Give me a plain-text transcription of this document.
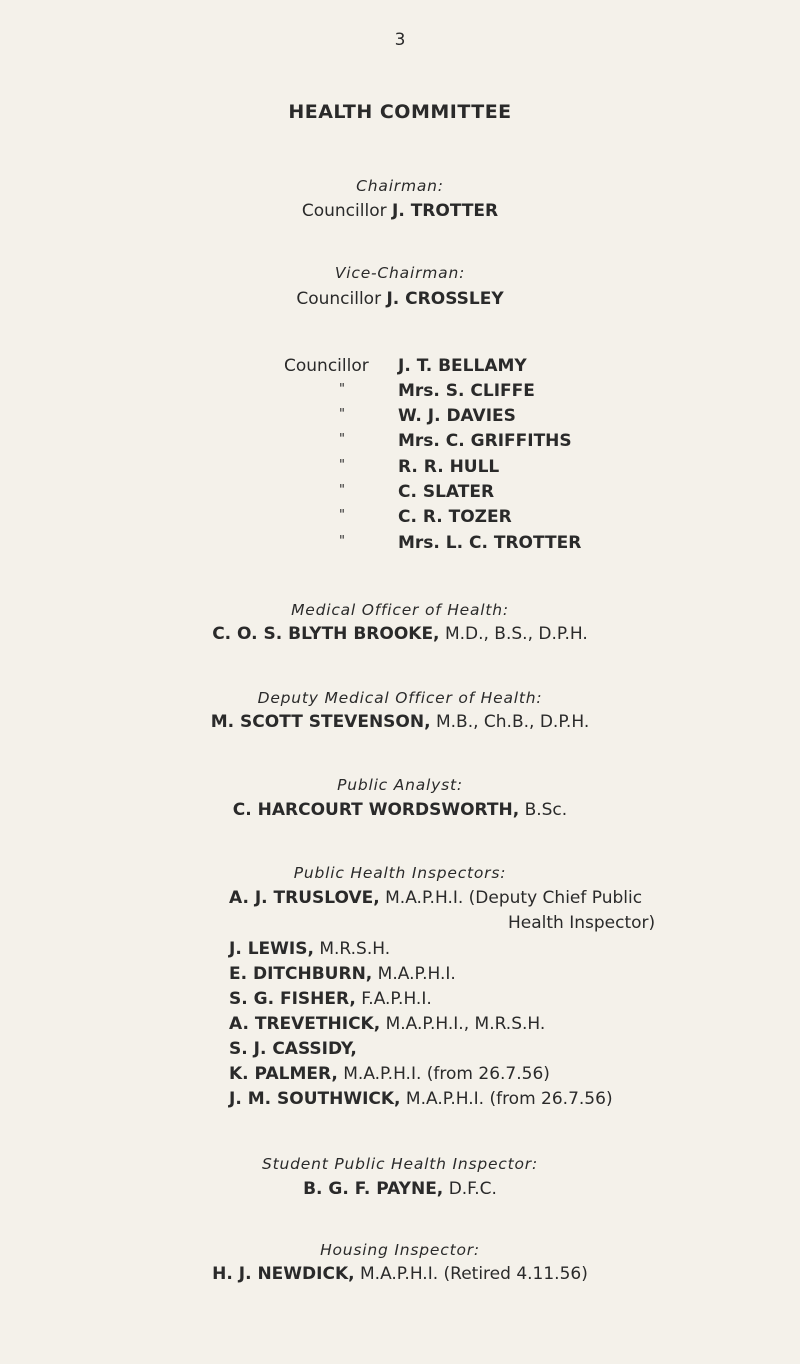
3
HEALTH COMMITTEE
Chairman:
Councillor J. TROTTER
Vice-Chairman:
Councillor J. CROSSLEY
Councillor J. T. BELLAMY
"	Mrs. S. CLIFFE
"	W. J. DAVIES
"	Mrs. C. GRIFFITHS
"	R. R. HULL
"	C. SLATER
"	C. R. TOZER
"	Mrs. L. C. TROTTER
Medical Officer of Health:
C. O. S. BLYTH BROOKE, M.D., B.S., D.P.H.
Deputy Medical Officer of Health:
M. SCOTT STEVENSON, M.B., Ch.B., D.P.H.
Public Analyst:
C. HARCOURT WORDSWORTH, B.Sc.
Public Health Inspectors:
A. J. TRUSLOVE, M.A.P.H.I. (Deputy Chief Public
Health Inspector)
J. LEWIS, M.R.S.H.
E. DITCHBURN, M.A.P.H.I.
S. G. FISHER, F.A.P.H.I.
A. TREVETHICK, M.A.P.H.I., M.R.S.H.
S. J. CASSIDY,
K. PALMER, M.A.P.H.I. (from 26.7.56)
J. M. SOUTHWICK, M.A.P.H.I. (from 26.7.56)
Student Public Health Inspector:
B. G. F. PAYNE, D.F.C.
Housing Inspector:
H. J. NEWDICK, M.A.P.H.I. (Retired 4.11.56)
